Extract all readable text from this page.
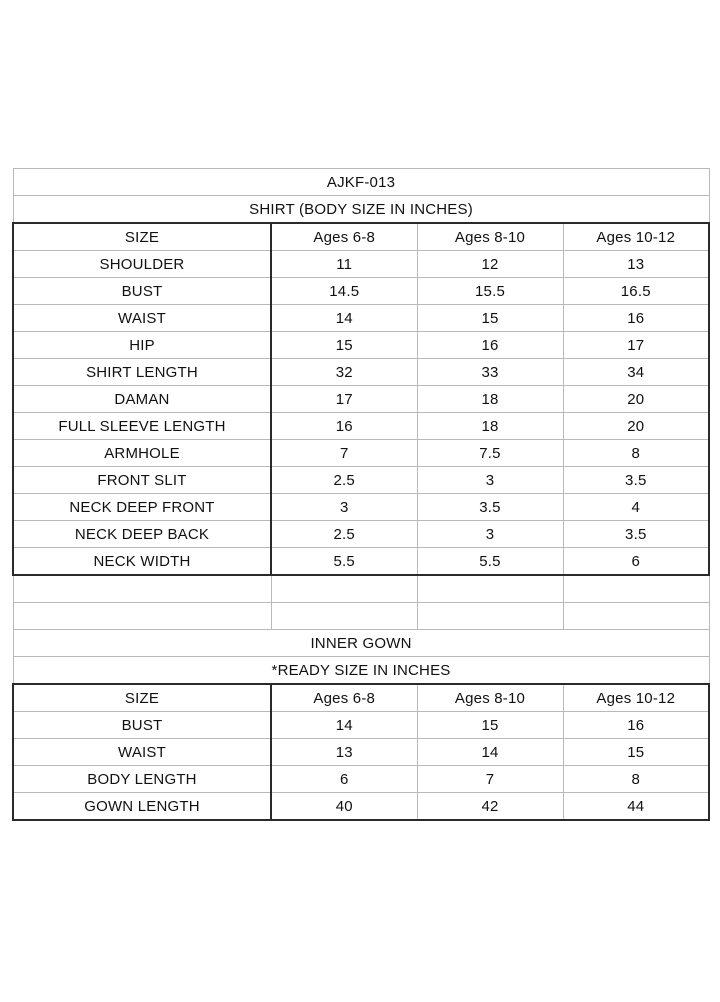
AJKF-013			
SHIRT (BODY SIZE IN INCHES)			
SIZE	Ages 6-8	Ages 8-10	Ages 10-12
SHOULDER	11	12	13
BUST	14.5	15.5	16.5
WAIST	14	15	16
HIP	15	16	17
SHIRT LENGTH	32	33	34
DAMAN	17	18	20
FULL SLEEVE LENGTH	16	18	20
ARMHOLE	7	7.5	8
FRONT SLIT	2.5	3	3.5
NECK DEEP FRONT	3	3.5	4
NECK DEEP BACK	2.5	3	3.5
NECK WIDTH	5.5	5.5	6

INNER GOWN			
*READY SIZE IN INCHES			
SIZE	Ages 6-8	Ages 8-10	Ages 10-12
BUST	14	15	16
WAIST	13	14	15
BODY LENGTH	6	7	8
GOWN LENGTH	40	42	44
